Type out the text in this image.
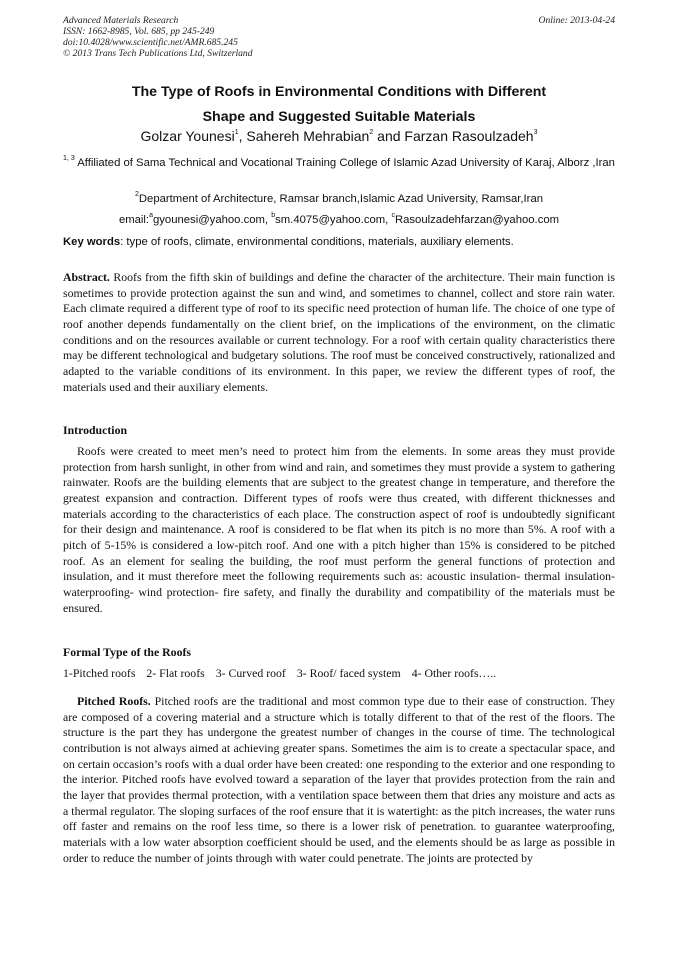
Advanced Materials Research
ISSN: 1662-8985, Vol. 685, pp 245-249
doi:10.4028/www.scientific.net/AMR.685.245
© 2013 Trans Tech Publications Ltd, Switzerland
Online: 2013-04-24
The Type of Roofs in Environmental Conditions with Different
Shape and Suggested Suitable Materials
Golzar Younesi$^1$, Sahereh Mehrabian$^2$ and Farzan Rasoulzadeh$^3$
$^{1, 3}$ Affiliated of Sama Technical and Vocational Training College of Islamic Azad University of Karaj, Alborz ,Iran
$^2$Department of Architecture, Ramsar branch,Islamic Azad University, Ramsar,Iran
email:$^a$gyounesi@yahoo.com, $^b$sm.4075@yahoo.com, $^c$Rasoulzadehfarzan@yahoo.com
Key words: type of roofs, climate, environmental conditions, materials, auxiliary elements.

Abstract. Roofs from the fifth skin of buildings and define the character of the architecture. Their main function is sometimes to provide protection against the sun and wind, and sometimes to channel, collect and store rain water. Each climate required a different type of roof to its specific need protection of human life. The choice of one type of roof another depends fundamentally on the client brief, on the implications of the environment, on the climatic conditions and on the resources available or current technology. For a roof with certain quality characteristics there may be different technological and budgetary solutions. The roof must be conceived constructively, rationalized and adapted to the variable conditions of its environment. In this paper, we review the different types of roof, the materials used and their auxiliary elements.

Introduction

Roofs were created to meet men’s need to protect him from the elements. In some areas they must provide protection from harsh sunlight, in other from wind and rain, and sometimes they must provide a system to gathering rainwater. Roofs are the building elements that are subject to the greatest change in temperature, and therefore the greatest expansion and contraction. Different types of roofs were thus created, with different thicknesses and materials according to the characteristics of each place. The construction aspect of roof is undoubtedly significant for their design and maintenance. A roof is considered to be flat when its pitch is no more than 5%. A roof with a pitch of 5-15% is considered a low-pitch roof. And one with a pitch higher than 15% is considered to be pitched roof. As an element for sealing the building, the roof must perform the general functions of protection and insulation, and it must therefore meet the following requirements such as: acoustic insulation- thermal insulation- waterproofing- wind protection- fire safety, and finally the durability and compatibility of the materials must be ensured.

Formal Type of the Roofs

1-Pitched roofs 2- Flat roofs 3- Curved roof 3- Roof/ faced system 4- Other roofs…..

Pitched Roofs. Pitched roofs are the traditional and most common type due to their ease of construction. They are composed of a covering material and a structure which is totally different to that of the rest of the floors. The structure is the part they has undergone the greatest number of changes in the course of time. The technological contribution is not always aimed at achieving greater spans. Sometimes the aim is to create a spectacular space, and on certain occasion’s roofs with a dual order have been created: one responding to the exterior and one responding to the interior. Pitched roofs have evolved toward a separation of the layer that provides protection from the rain and the layer that provides thermal protection, with a ventilation space between them that dries any moisture and acts as a thermal regulator. The sloping surfaces of the roof ensure that it is watertight: as the pitch increases, the water runs off faster and remains on the roof less time, so there is a lower risk of penetration. to guarantee waterproofing, materials with a low water absorption coefficient should be used, and the elements should be as large as possible in order to reduce the number of joints through with water could penetrate. The joints are protected by
